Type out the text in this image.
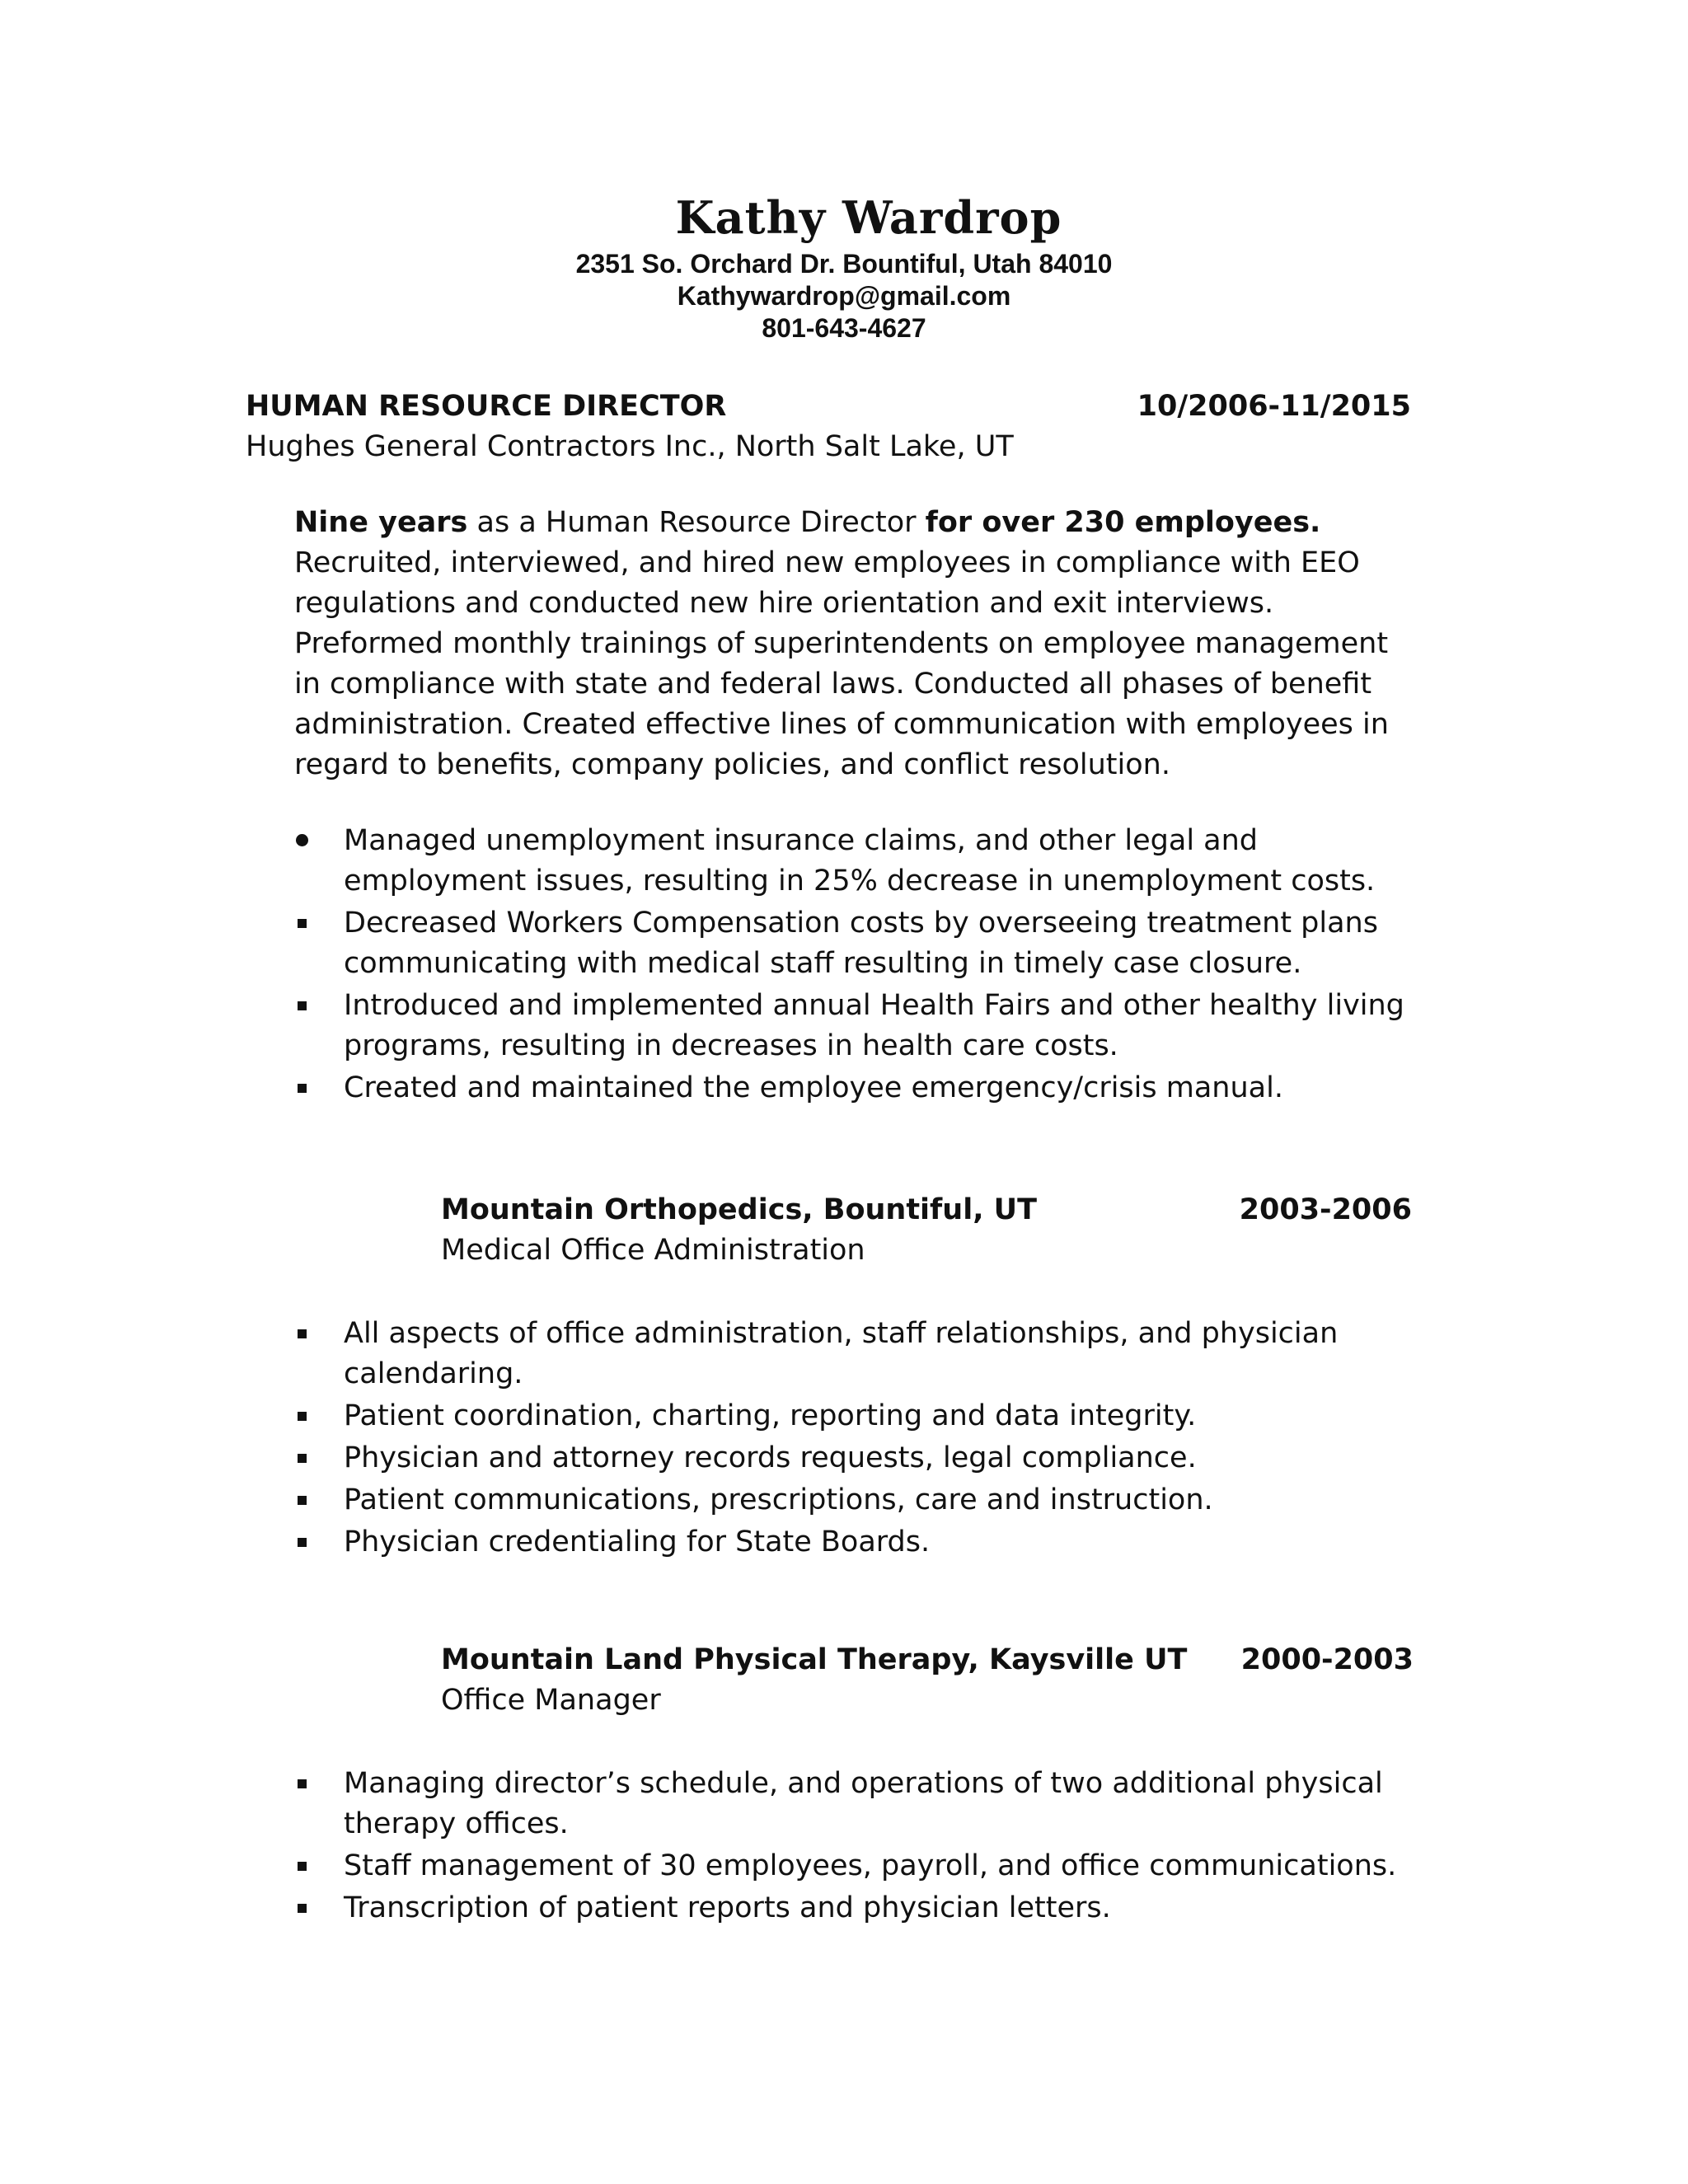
Kathy Wardrop
2351 So. Orchard Dr. Bountiful, Utah 84010
Kathywardrop@gmail.com
801-643-4627
HUMAN RESOURCE DIRECTOR	10/2006-11/2015
Hughes General Contractors Inc., North Salt Lake, UT
Nine years as a Human Resource Director for over 230 employees. Recruited, interviewed, and hired new employees in compliance with EEO regulations and conducted new hire orientation and exit interviews. Preformed monthly trainings of superintendents on employee management in compliance with state and federal laws. Conducted all phases of benefit administration. Created effective lines of communication with employees in regard to benefits, company policies, and conflict resolution.
Managed unemployment insurance claims, and other legal and employment issues, resulting in 25% decrease in unemployment costs.
Decreased Workers Compensation costs by overseeing treatment plans communicating with medical staff resulting in timely case closure.
Introduced and implemented annual Health Fairs and other healthy living programs, resulting in decreases in health care costs.
Created and maintained the employee emergency/crisis manual.
Mountain Orthopedics, Bountiful, UT	2003-2006
Medical Office Administration
All aspects of office administration, staff relationships, and physician calendaring.
Patient coordination, charting, reporting and data integrity.
Physician and attorney records requests, legal compliance.
Patient communications, prescriptions, care and instruction.
Physician credentialing for State Boards.
Mountain Land Physical Therapy, Kaysville UT 2000-2003
Office Manager
Managing director’s schedule, and operations of two additional physical therapy offices.
Staff management of 30 employees, payroll, and office communications.
Transcription of patient reports and physician letters.
